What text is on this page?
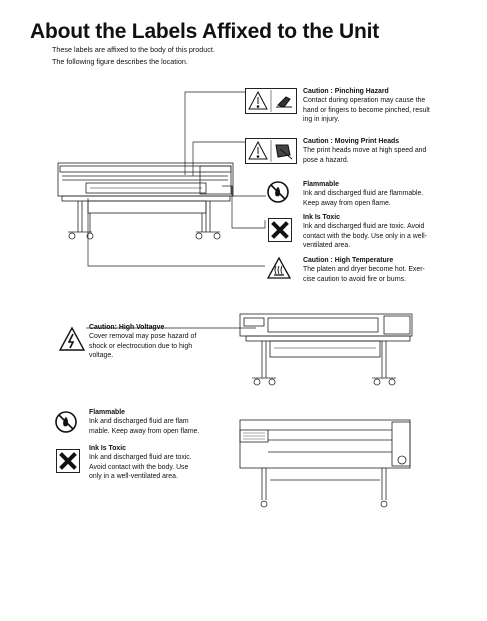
About the Labels Affixed to the Unit
These labels are affixed to the body of this product.
The following figure describes the location.
Caution : Pinching Hazard
Contact during operation may cause the
hand or fingers to become pinched, result
ing in injury.
Caution : Moving Print Heads
The print heads move at high speed and
pose a hazard.
Flammable
Ink and discharged fluid are flammable.
Keep away from open flame.
Ink Is Toxic
Ink and discharged fluid are toxic. Avoid
contact with the body. Use only in a well-
ventilated area.
Caution : High Temperature
The platen and dryer become hot. Exer-
cise caution to avoid fire or burns.
Caution: High Voltagve
Cover removal may pose hazard of
shock or electrocution due to high
voltage.
Flammable
Ink and discharged fluid are flam
mable. Keep away from open flame.
Ink Is Toxic
Ink and discharged fluid are toxic.
Avoid contact with the body. Use
only in a well-ventilated area.
